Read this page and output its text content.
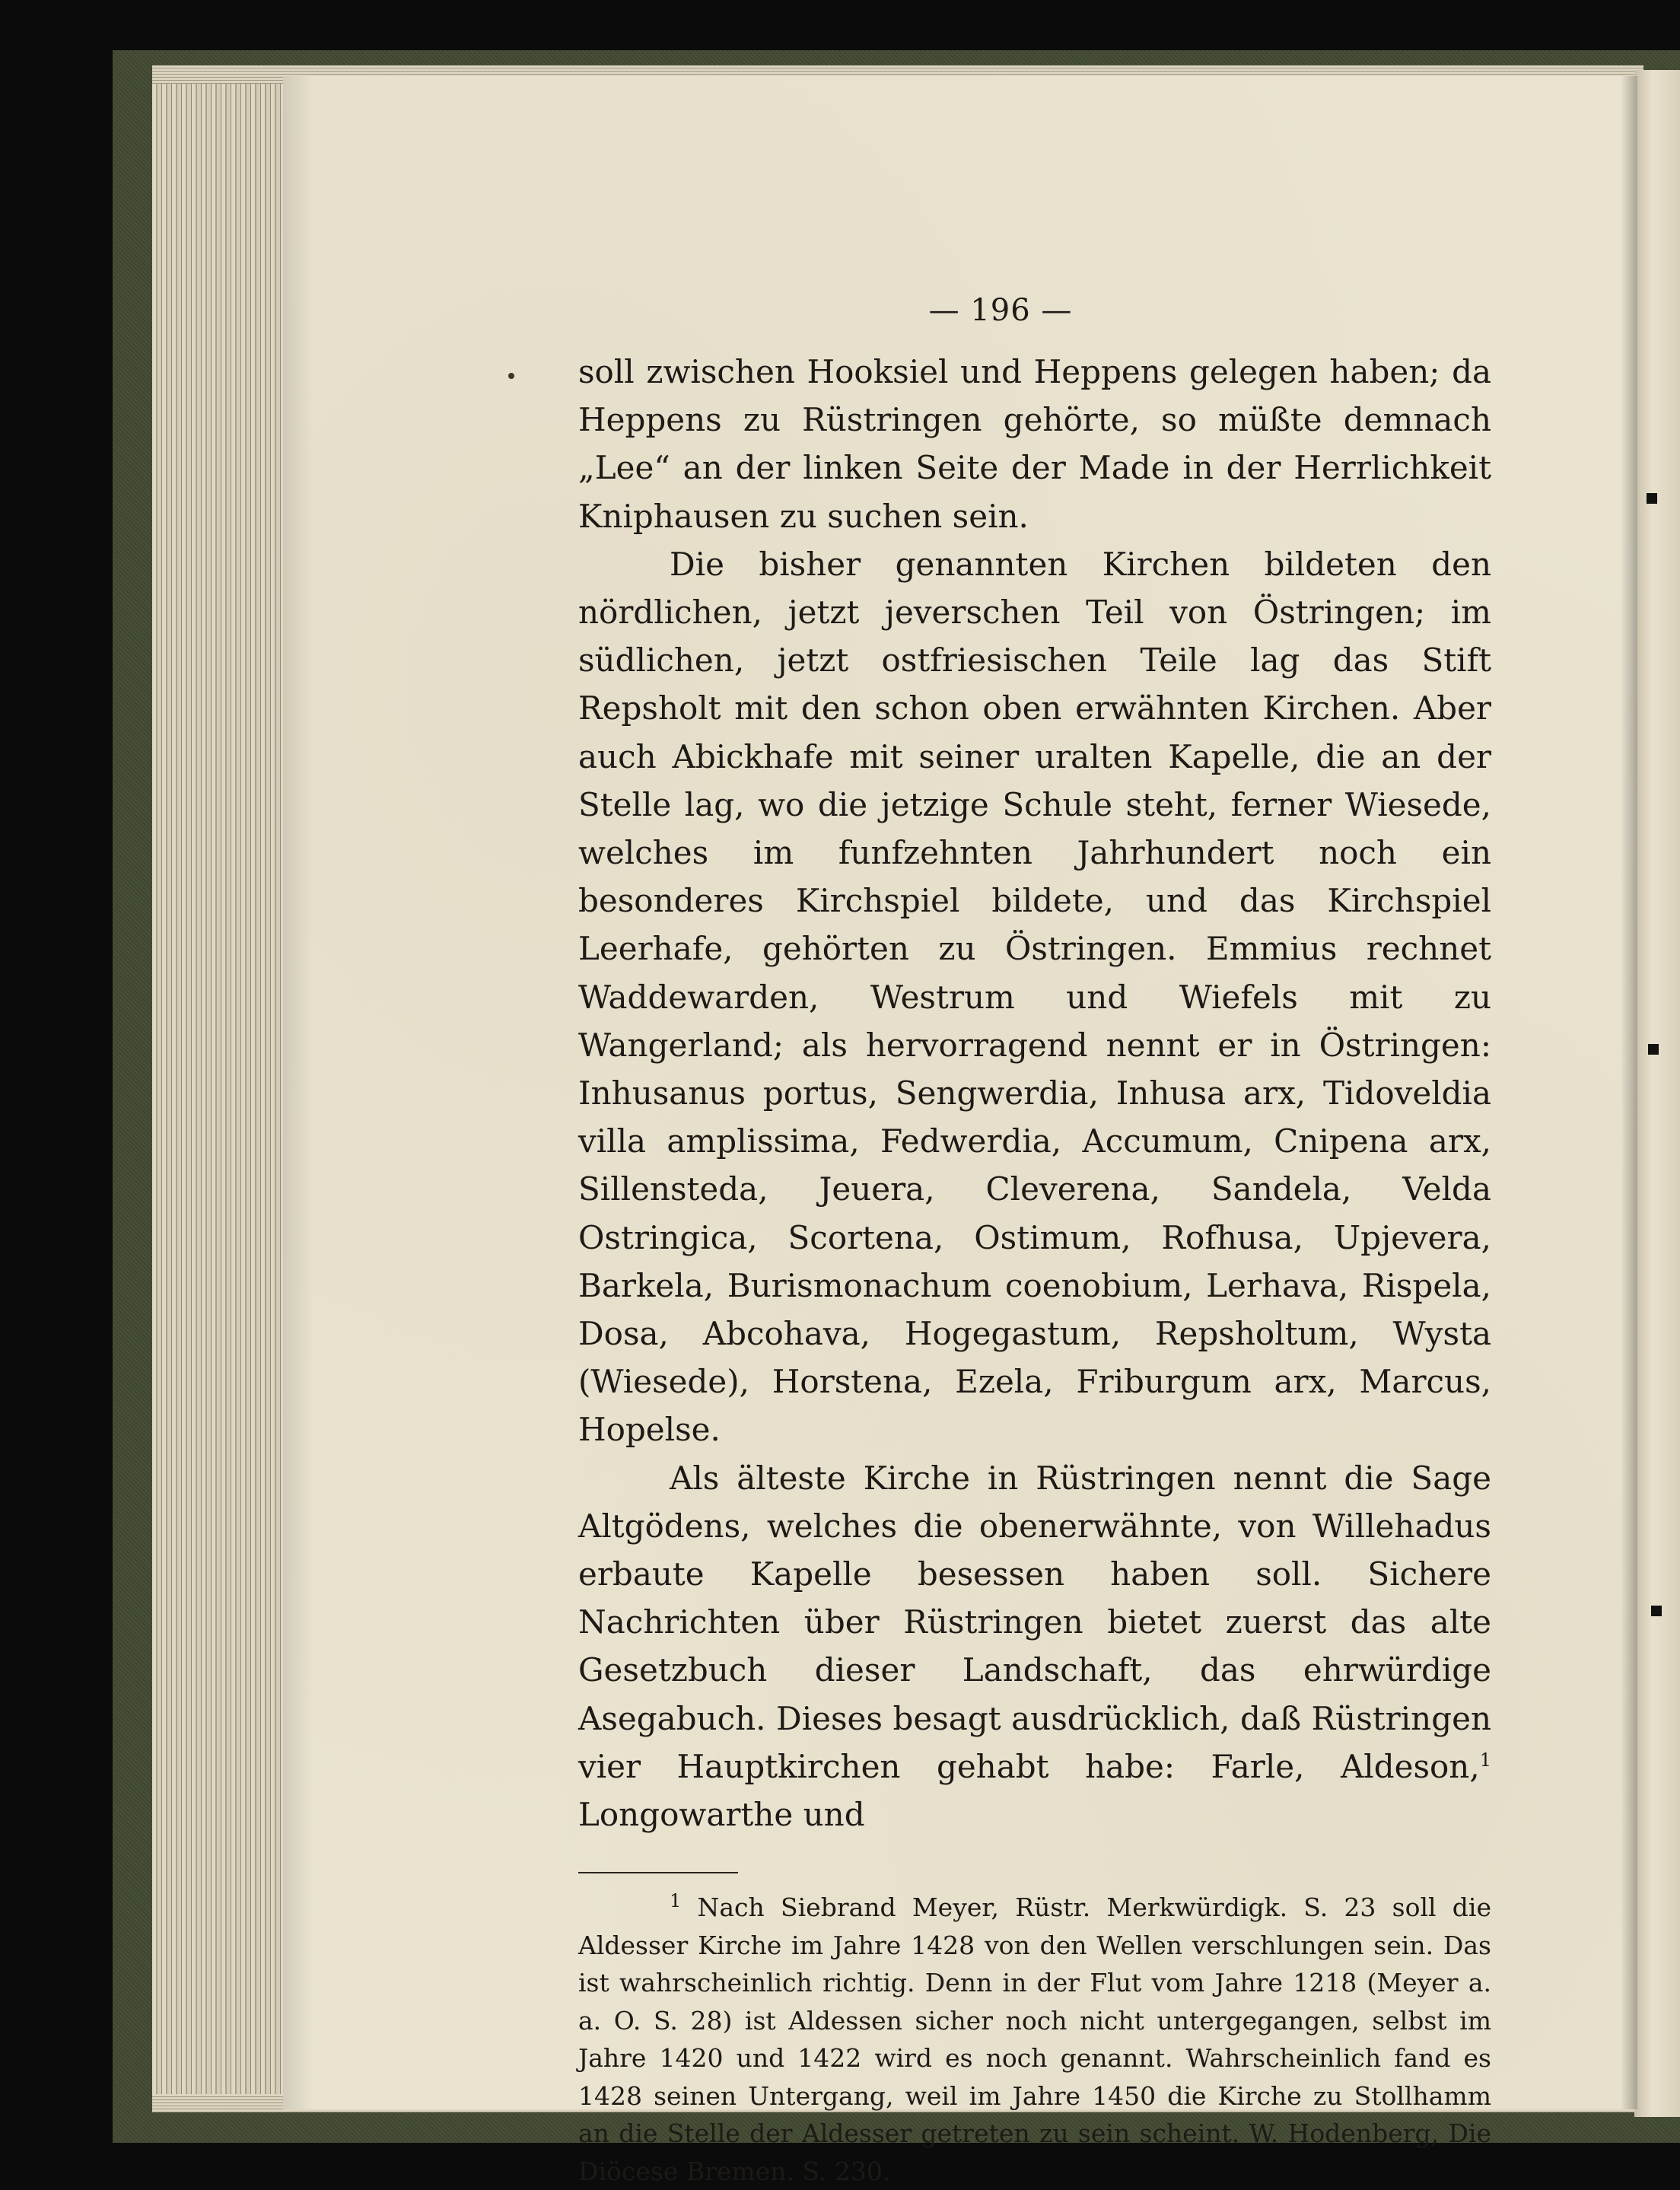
— 196 —

soll zwischen Hooksiel und Heppens gelegen haben; da Heppens zu Rüstringen gehörte, so müßte demnach „Lee“ an der linken Seite der Made in der Herrlichkeit Kniphausen zu suchen sein.

Die bisher genannten Kirchen bildeten den nördlichen, jetzt jeverschen Teil von Östringen; im südlichen, jetzt ostfriesischen Teile lag das Stift Repsholt mit den schon oben erwähnten Kirchen. Aber auch Abickhafe mit seiner uralten Kapelle, die an der Stelle lag, wo die jetzige Schule steht, ferner Wiesede, welches im funfzehnten Jahrhundert noch ein besonderes Kirchspiel bildete, und das Kirchspiel Leerhafe, gehörten zu Östringen. Emmius rechnet Waddewarden, Westrum und Wiefels mit zu Wangerland; als hervorragend nennt er in Östringen: Inhusanus portus, Sengwerdia, Inhusa arx, Tidoveldia villa amplissima, Fedwerdia, Accumum, Cnipena arx, Sillensteda, Jeuera, Cleverena, Sandela, Velda Ostringica, Scortena, Ostimum, Rofhusa, Upjevera, Barkela, Burismonachum coenobium, Lerhava, Rispela, Dosa, Abcohava, Hogegastum, Repsholtum, Wysta (Wiesede), Horstena, Ezela, Friburgum arx, Marcus, Hopelse.

Als älteste Kirche in Rüstringen nennt die Sage Altgödens, welches die obenerwähnte, von Willehadus erbaute Kapelle besessen haben soll. Sichere Nachrichten über Rüstringen bietet zuerst das alte Gesetzbuch dieser Landschaft, das ehrwürdige Asegabuch. Dieses besagt ausdrücklich, daß Rüstringen vier Hauptkirchen gehabt habe: Farle, Aldeson,$^1$ Longowarthe und

$^1$ Nach Siebrand Meyer, Rüstr. Merkwürdigk. S. 23 soll die Aldesser Kirche im Jahre 1428 von den Wellen verschlungen sein. Das ist wahrscheinlich richtig. Denn in der Flut vom Jahre 1218 (Meyer a. a. O. S. 28) ist Aldessen sicher noch nicht untergegangen, selbst im Jahre 1420 und 1422 wird es noch genannt. Wahrscheinlich fand es 1428 seinen Untergang, weil im Jahre 1450 die Kirche zu Stollhamm an die Stelle der Aldesser getreten zu sein scheint. W. Hodenberg, Die Diöcese Bremen. S. 230.
